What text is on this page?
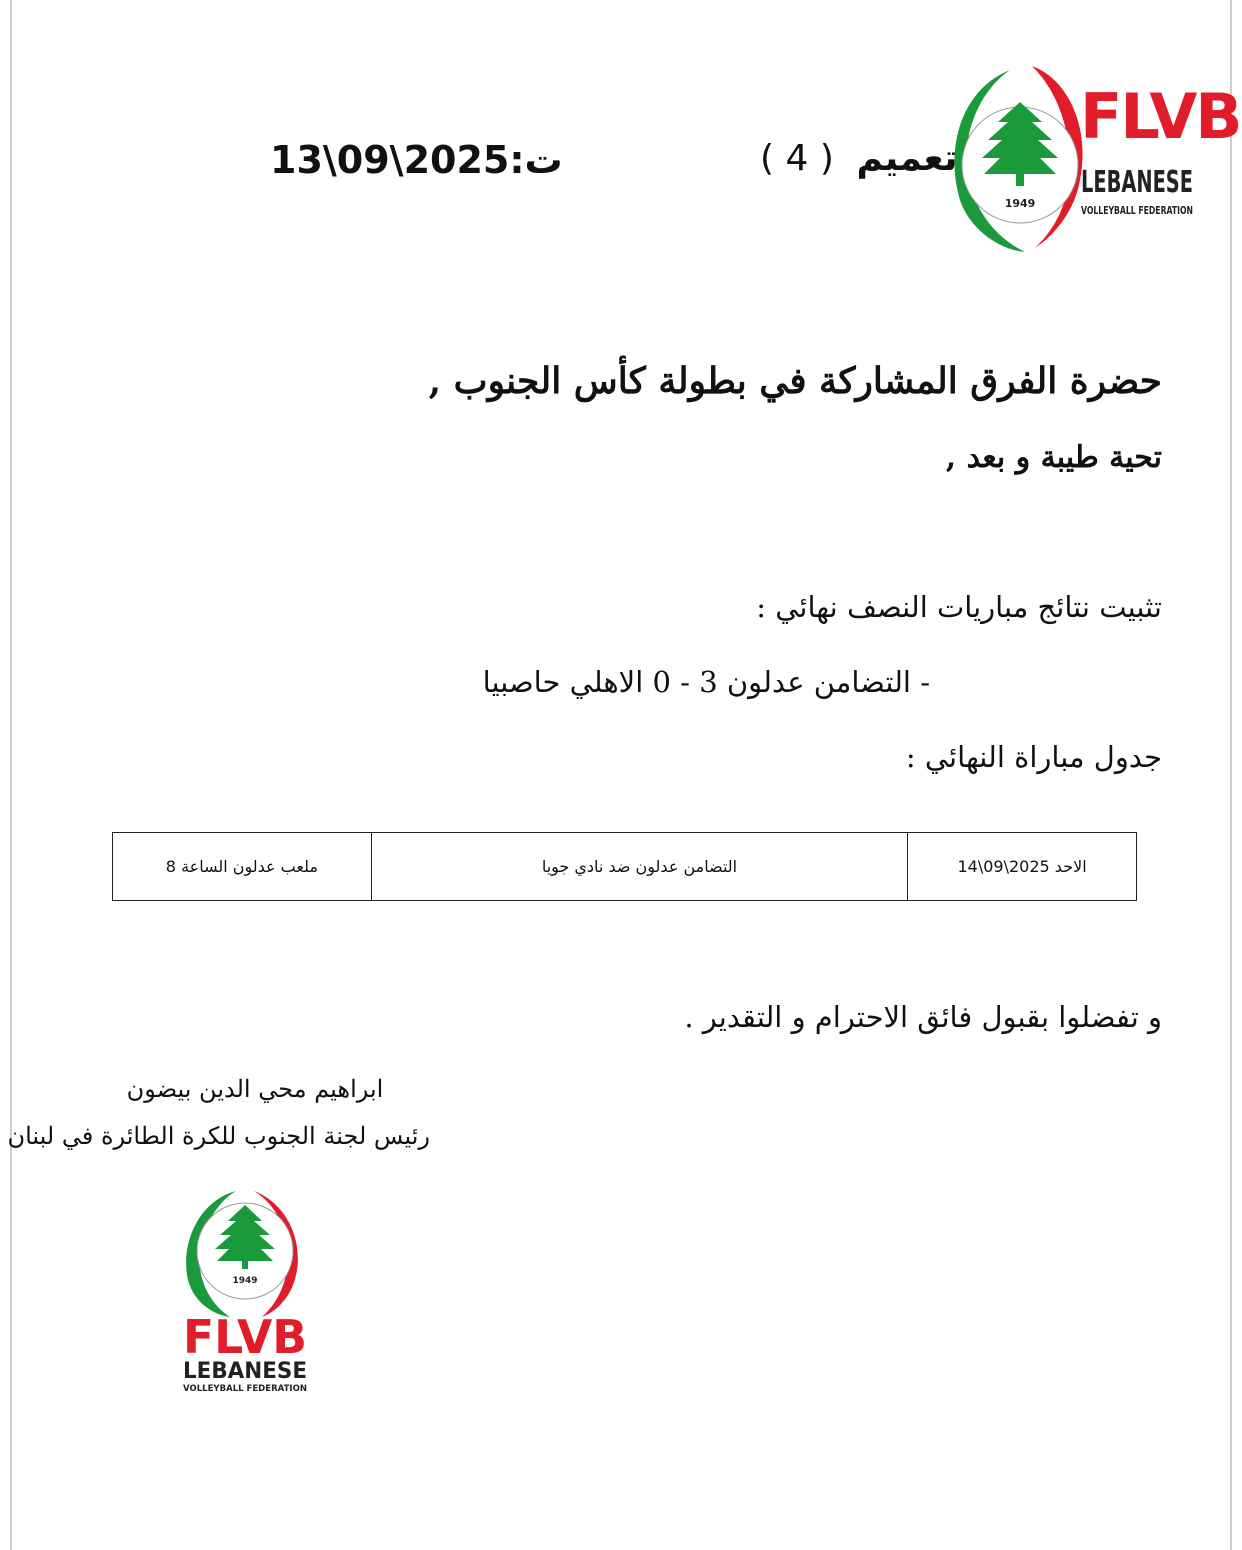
1949
FLVB
LEBANESE
VOLLEYBALL FEDERATION
تعميم ( 4 )
ت:2025\09\13
حضرة الفرق المشاركة في بطولة كأس الجنوب ,
تحية طيبة و بعد ,
تثبيت نتائج مباريات النصف نهائي :
- التضامن عدلون 3 - 0 الاهلي حاصبيا
جدول مباراة النهائي :
الاحد 2025\09\14	التضامن عدلون ضد نادي جويا	ملعب عدلون الساعة 8
و تفضلوا بقبول فائق الاحترام و التقدير .
ابراهيم محي الدين بيضون
رئيس لجنة الجنوب للكرة الطائرة في لبنان
1949
FLVB
LEBANESE
VOLLEYBALL FEDERATION
